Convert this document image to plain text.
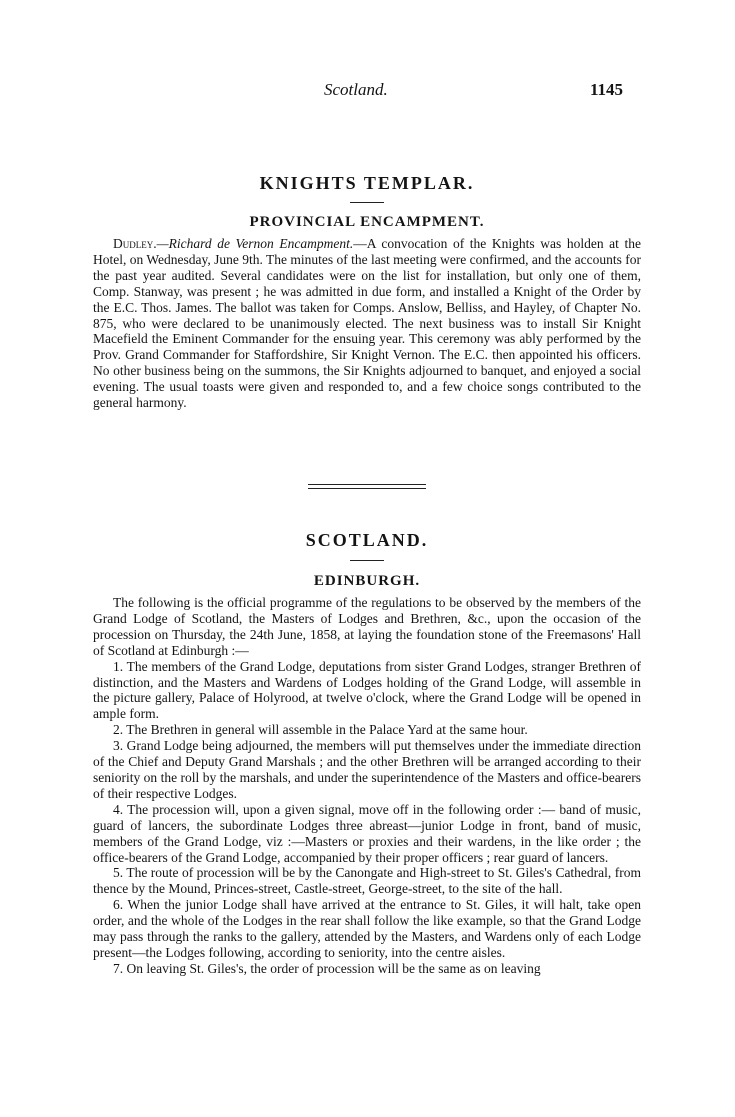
Scotland.	1145
KNIGHTS TEMPLAR.
PROVINCIAL ENCAMPMENT.

Dudley.—Richard de Vernon Encampment.—A convocation of the Knights was holden at the Hotel, on Wednesday, June 9th. The minutes of the last meeting were confirmed, and the accounts for the past year audited. Several candidates were on the list for installation, but only one of them, Comp. Stanway, was present ; he was admitted in due form, and installed a Knight of the Order by the E.C. Thos. James. The ballot was taken for Comps. Anslow, Belliss, and Hayley, of Chapter No. 875, who were declared to be unanimously elected. The next business was to install Sir Knight Macefield the Eminent Commander for the ensuing year. This ceremony was ably performed by the Prov. Grand Commander for Staffordshire, Sir Knight Vernon. The E.C. then appointed his officers. No other business being on the summons, the Sir Knights adjourned to banquet, and enjoyed a social evening. The usual toasts were given and responded to, and a few choice songs contributed to the general harmony.

SCOTLAND.
EDINBURGH.

The following is the official programme of the regulations to be observed by the members of the Grand Lodge of Scotland, the Masters of Lodges and Brethren, &c., upon the occasion of the procession on Thursday, the 24th June, 1858, at laying the foundation stone of the Freemasons' Hall of Scotland at Edinburgh :—

1. The members of the Grand Lodge, deputations from sister Grand Lodges, stranger Brethren of distinction, and the Masters and Wardens of Lodges holding of the Grand Lodge, will assemble in the picture gallery, Palace of Holyrood, at twelve o'clock, where the Grand Lodge will be opened in ample form.

2. The Brethren in general will assemble in the Palace Yard at the same hour.

3. Grand Lodge being adjourned, the members will put themselves under the immediate direction of the Chief and Deputy Grand Marshals ; and the other Brethren will be arranged according to their seniority on the roll by the marshals, and under the superintendence of the Masters and office-bearers of their respective Lodges.

4. The procession will, upon a given signal, move off in the following order :— band of music, guard of lancers, the subordinate Lodges three abreast—junior Lodge in front, band of music, members of the Grand Lodge, viz :—Masters or proxies and their wardens, in the like order ; the office-bearers of the Grand Lodge, accompanied by their proper officers ; rear guard of lancers.

5. The route of procession will be by the Canongate and High-street to St. Giles's Cathedral, from thence by the Mound, Princes-street, Castle-street, George-street, to the site of the hall.

6. When the junior Lodge shall have arrived at the entrance to St. Giles, it will halt, take open order, and the whole of the Lodges in the rear shall follow the like example, so that the Grand Lodge may pass through the ranks to the gallery, attended by the Masters, and Wardens only of each Lodge present—the Lodges following, according to seniority, into the centre aisles.

7. On leaving St. Giles's, the order of procession will be the same as on leaving
